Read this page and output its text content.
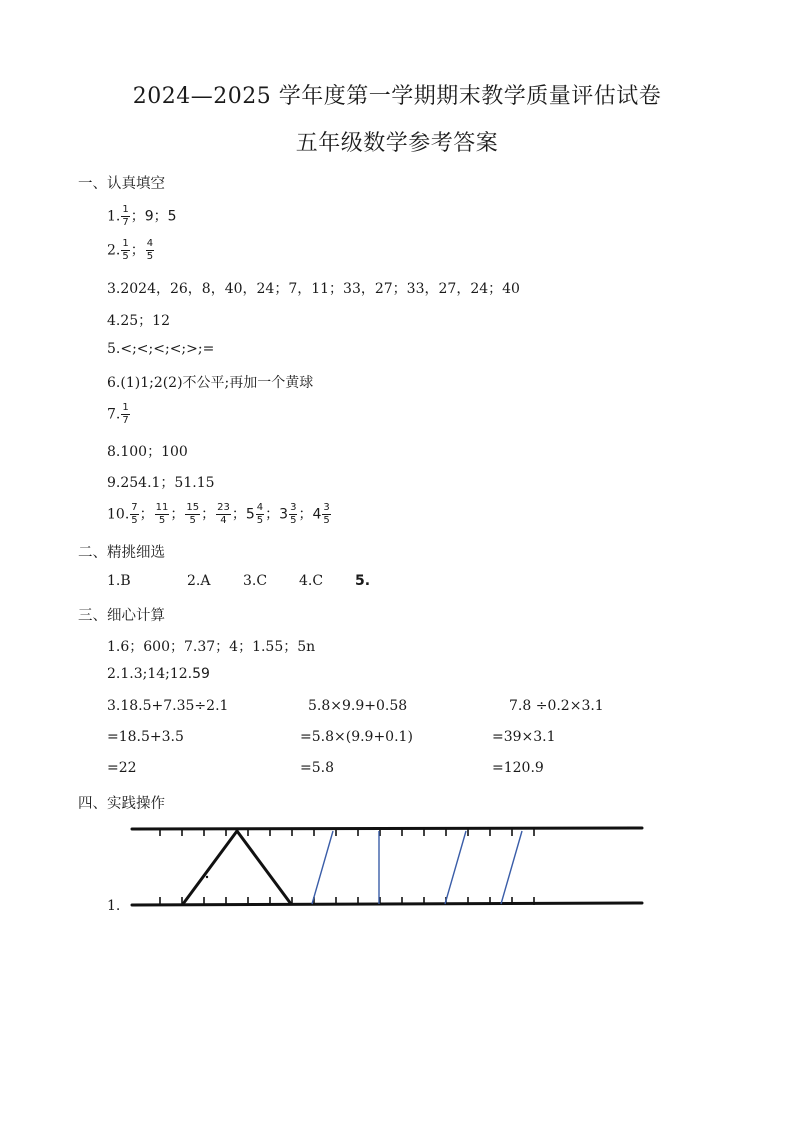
2024—2025 学年度第一学期期末教学质量评估试卷
五年级数学参考答案
一、认真填空
1. $\frac{1}{7}$ ；9；5
2. $\frac{1}{5}$ ； $\frac{4}{5}$
3.2024，26，8，40，24；7，11；33，27；33，27，24；40
4.25；12
5.<;<;<;<;>;=
6.(1)1;2(2)不公平;再加一个黄球
7. $\frac{1}{7}$
8.100；100
9.254.1；51.15
10. $\frac{7}{5}$ ； $\frac{11}{5}$ ； $\frac{15}{5}$ ； $\frac{23}{4}$ ；$5 \frac{4}{5}$ ；$3 \frac{3}{5}$ ；$4 \frac{3}{5}$
二、精挑细选
1.B	2.A 3.C 4.C 5.
三、细心计算
1.6；600；7.37；4；1.55；5n
2.1.3;14;12.59
3.18.5+7.35÷2.1
=18.5+3.5
=22
5.8×9.9+0.58
=5.8×(9.9+0.1)
=5.8
7.8 ÷0.2×3.1
=39×3.1
=120.9
四、实践操作
1.
